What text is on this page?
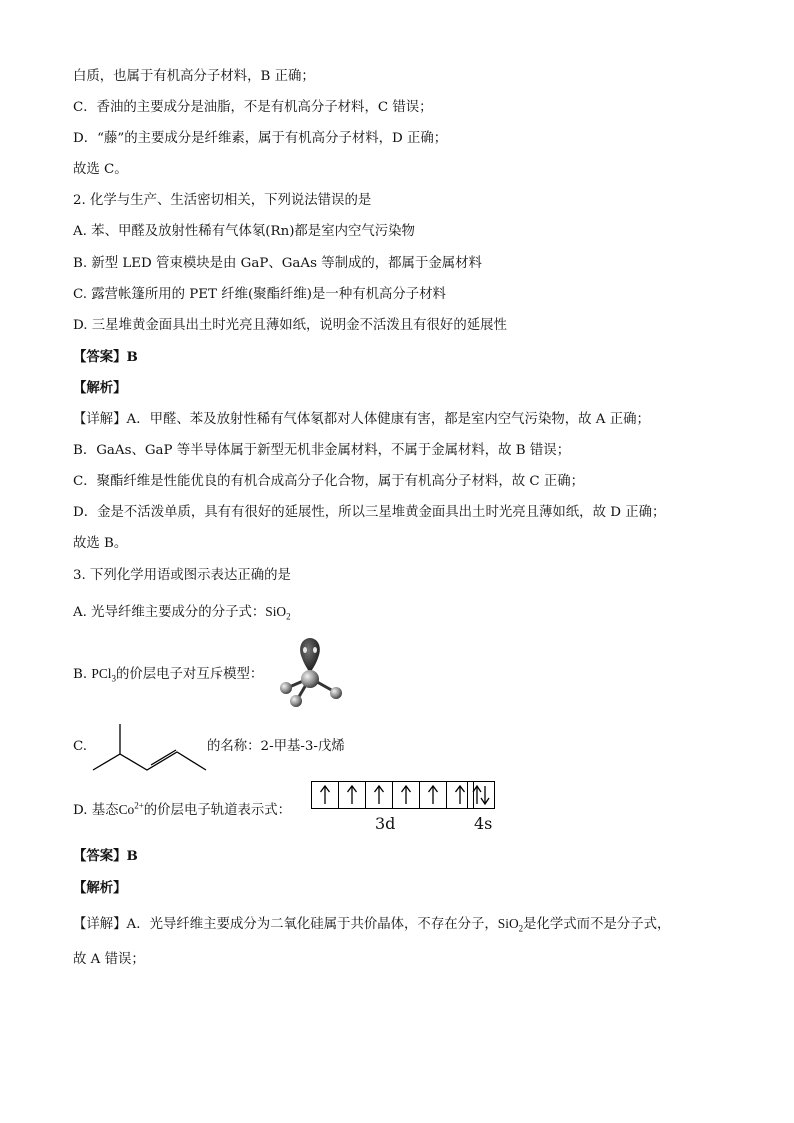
白质，也属于有机高分子材料，B 正确；
C．香油的主要成分是油脂，不是有机高分子材料，C 错误；
D．“藤”的主要成分是纤维素，属于有机高分子材料，D 正确；
故选 C。
2. 化学与生产、生活密切相关，下列说法错误的是
A. 苯、甲醛及放射性稀有气体氡(Rn)都是室内空气污染物
B. 新型 LED 管束模块是由 GaP、GaAs 等制成的，都属于金属材料
C. 露营帐篷所用的 PET 纤维(聚酯纤维)是一种有机高分子材料
D. 三星堆黄金面具出土时光亮且薄如纸，说明金不活泼且有很好的延展性
【答案】B
【解析】
【详解】A．甲醛、苯及放射性稀有气体氡都对人体健康有害，都是室内空气污染物，故 A 正确；
B．GaAs、GaP 等半导体属于新型无机非金属材料，不属于金属材料，故 B 错误；
C．聚酯纤维是性能优良的有机合成高分子化合物，属于有机高分子材料，故 C 正确；
D．金是不活泼单质，具有有很好的延展性，所以三星堆黄金面具出土时光亮且薄如纸，故 D 正确；
故选 B。
3. 下列化学用语或图示表达正确的是
A. 光导纤维主要成分的分子式：SiO$_2$
B. PCl$_3$的价层电子对互斥模型：
C.	的名称：2-甲基-3-戊烯
D. 基态$Co^{2+}$的价层电子轨道表示式：
3d	4s
【答案】B
【解析】
【详解】A．光导纤维主要成分为二氧化硅属于共价晶体，不存在分子，SiO$_2$是化学式而不是分子式，
故 A 错误；
